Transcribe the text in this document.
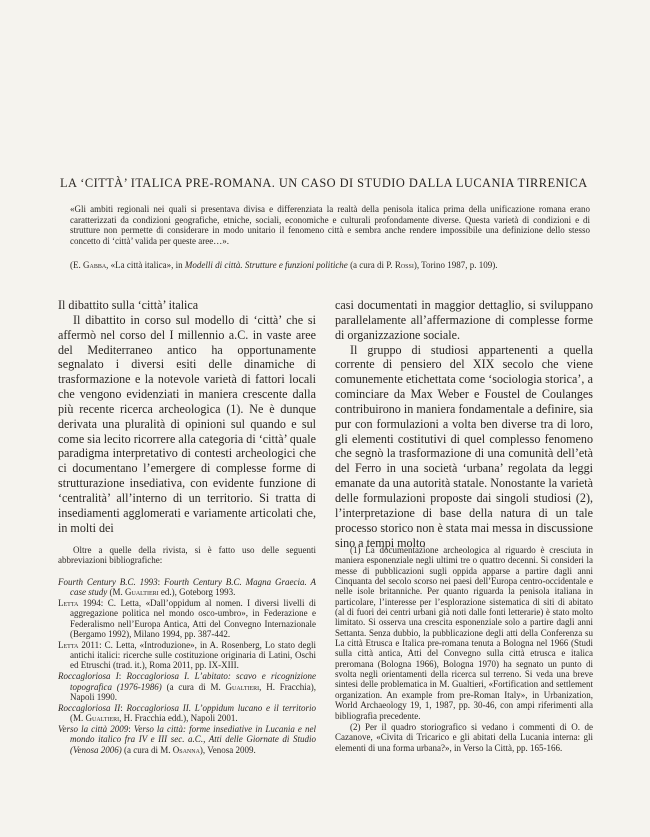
LA ‘CITTÀ’ ITALICA PRE-ROMANA. UN CASO DI STUDIO DALLA LUCANIA TIRRENICA
«Gli ambiti regionali nei quali si presentava divisa e differenziata la realtà della penisola italica prima della unificazione romana erano caratterizzati da condizioni geografiche, etniche, sociali, economiche e culturali profondamente diverse. Questa varietà di condizioni e di strutture non permette di considerare in modo unitario il fenomeno città e sembra anche rendere impossibile una definizione dello stesso concetto di ‘città’ valida per queste aree…».
(E. Gabba, «La città italica», in Modelli di città. Strutture e funzioni politiche (a cura di P. Rossi), Torino 1987, p. 109).

Il dibattito sulla ‘città’ italica

Il dibattito in corso sul modello di ‘città’ che si affermò nel corso del I millennio a.C. in vaste aree del Mediterraneo antico ha opportunamente segnalato i diversi esiti delle dinamiche di trasformazione e la notevole varietà di fattori locali che vengono evidenziati in maniera crescente dalla più recente ricerca archeologica (1). Ne è dunque derivata una pluralità di opinioni sul quando e sul come sia lecito ricorrere alla categoria di ‘città’ quale paradigma interpretativo di contesti archeologici che ci documentano l’emergere di complesse forme di strutturazione insediativa, con evidente funzione di ‘centralità’ all’interno di un territorio. Si tratta di insediamenti agglomerati e variamente articolati che, in molti dei

casi documentati in maggior dettaglio, si sviluppano parallelamente all’affermazione di complesse forme di organizzazione sociale.

Il gruppo di studiosi appartenenti a quella corrente di pensiero del XIX secolo che viene comunemente etichettata come ‘sociologia storica’, a cominciare da Max Weber e Foustel de Coulanges contribuirono in maniera fondamentale a definire, sia pur con formulazioni a volta ben diverse tra di loro, gli elementi costitutivi di quel complesso fenomeno che segnò la trasformazione di una comunità dell’età del Ferro in una società ‘urbana’ regolata da leggi emanate da una autorità statale. Nonostante la varietà delle formulazioni proposte dai singoli studiosi (2), l’interpretazione di base della natura di un tale processo storico non è stata mai messa in discussione sino a tempi molto

Oltre a quelle della rivista, si è fatto uso delle seguenti abbreviazioni bibliografiche:

Fourth Century B.C. 1993: Fourth Century B.C. Magna Graecia. A case study (M. Gualtieri ed.), Goteborg 1993.

Letta 1994: C. Letta, «Dall’oppidum al nomen. I diversi livelli di aggregazione politica nel mondo osco-umbro», in Federazione e Federalismo nell’Europa Antica, Atti del Convegno Internazionale (Bergamo 1992), Milano 1994, pp. 387-442.

Letta 2011: C. Letta, «Introduzione», in A. Rosenberg, Lo stato degli antichi italici: ricerche sulle costituzione originaria di Latini, Oschi ed Etruschi (trad. it.), Roma 2011, pp. IX-XIII.

Roccagloriosa I: Roccagloriosa I. L’abitato: scavo e ricognizione topografica (1976-1986) (a cura di M. Gualtieri, H. Fracchia), Napoli 1990.

Roccagloriosa II: Roccagloriosa II. L’oppidum lucano e il territorio (M. Gualtieri, H. Fracchia edd.), Napoli 2001.

Verso la città 2009: Verso la città: forme insediative in Lucania e nel mondo italico fra IV e III sec. a.C., Atti delle Giornate di Studio (Venosa 2006) (a cura di M. Osanna), Venosa 2009.

(1) La documentazione archeologica al riguardo è cresciuta in maniera esponenziale negli ultimi tre o quattro decenni. Si consideri la messe di pubblicazioni sugli oppida apparse a partire dagli anni Cinquanta del secolo scorso nei paesi dell’Europa centro-occidentale e nelle isole britanniche. Per quanto riguarda la penisola italiana in particolare, l’interesse per l’esplorazione sistematica di siti di abitato (al di fuori dei centri urbani già noti dalle fonti letterarie) è stato molto limitato. Si osserva una crescita esponenziale solo a partire dagli anni Settanta. Senza dubbio, la pubblicazione degli atti della Conferenza su La città Etrusca e Italica pre-romana tenuta a Bologna nel 1966 (Studi sulla città antica, Atti del Convegno sulla città etrusca e italica preromana (Bologna 1966), Bologna 1970) ha segnato un punto di svolta negli orientamenti della ricerca sul terreno. Si veda una breve sintesi delle problematica in M. Gualtieri, «Fortification and settlement organization. An example from pre-Roman Italy», in Urbanization, World Archaeology 19, 1, 1987, pp. 30-46, con ampi riferimenti alla bibliografia precedente.

(2) Per il quadro storiografico si vedano i commenti di O. de Cazanove, «Civita di Tricarico e gli abitati della Lucania interna: gli elementi di una forma urbana?», in Verso la Città, pp. 165-166.
